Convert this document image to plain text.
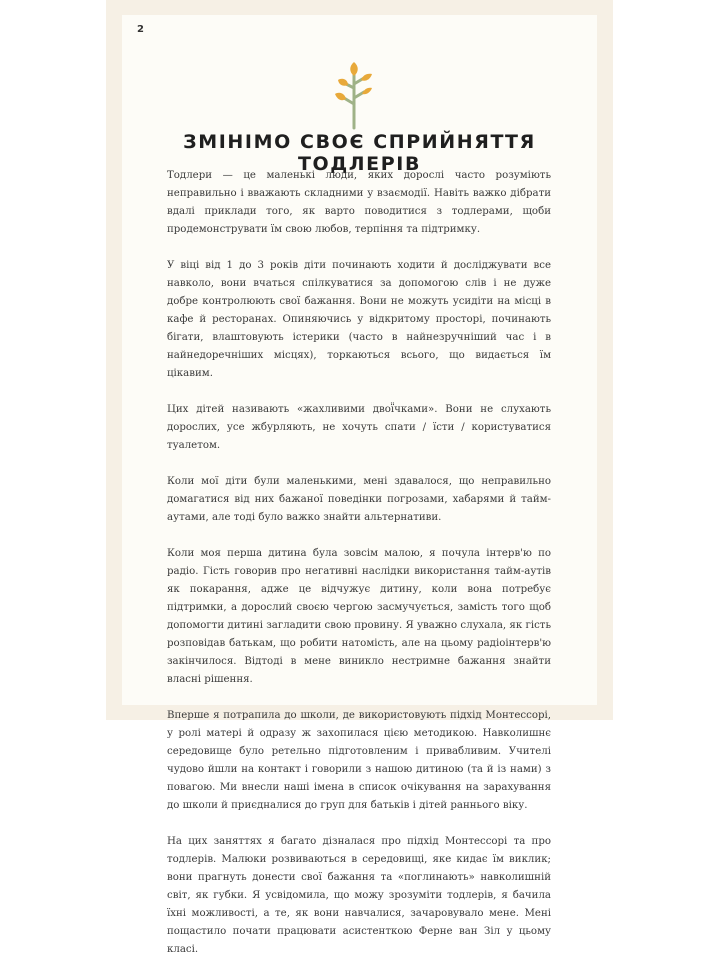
2
ЗМІНІМО СВОЄ СПРИЙНЯТТЯ ТОДЛЕРІВ

Тодлери — це маленькі люди, яких дорослі часто розуміють неправильно і вважають складними у взаємодії. Навіть важко дібрати вдалі приклади того, як варто поводитися з тодлерами, щоби продемонструвати їм свою любов, терпіння та підтримку.

У віці від 1 до 3 років діти починають ходити й досліджувати все навколо, вони вчаться спілкуватися за допомогою слів і не дуже добре контролюють свої бажання. Вони не можуть усидіти на місці в кафе й ресторанах. Опиняючись у відкритому просторі, починають бігати, влаштовують істерики (часто в найнезручніший час і в найнедоречніших місцях), торкаються всього, що видається їм цікавим.

Цих дітей називають «жахливими двої̈чками». Вони не слухають дорослих, усе жбурляють, не хочуть спати / їсти / користуватися туалетом.

Коли мої діти були маленькими, мені здавалося, що неправильно домагатися від них бажаної поведінки погрозами, хабарями й тайм-аутами, але тоді було важко знайти альтернативи.

Коли моя перша дитина була зовсім малою, я почула інтерв'ю по радіо. Гість говорив про негативні наслідки використання тайм-аутів як покарання, адже це відчужує дитину, коли вона потребує підтримки, а дорослий своєю чергою засмучується, замість того щоб допомогти дитині загладити свою провину. Я уважно слухала, як гість розповідав батькам, що робити натомість, але на цьому радіоінтерв'ю закінчилося. Відтоді в мене виникло нестримне бажання знайти власні рішення.

Вперше я потрапила до школи, де використовують підхід Монтессорі, у ролі матері й одразу ж захопилася цією методикою. Навколишнє середовище було ретельно підготовленим і привабливим. Учителі чудово йшли на контакт і говорили з нашою дитиною (та й із нами) з повагою. Ми внесли наші імена в список очікування на зарахування до школи й приєдналися до груп для батьків і дітей раннього віку.

На цих заняттях я багато дізналася про підхід Монтессорі та про тодлерів. Малюки розвиваються в середовищі, яке кидає їм виклик; вони прагнуть донести свої бажання та «поглинають» навколишній світ, як губки. Я усвідомила, що можу зрозуміти тодлерів, я бачила їхні можливості, а те, як вони навчалися, зачаровувало мене. Мені пощастило почати працювати асистенткою Ферне ван Зіл у цьому класі.
